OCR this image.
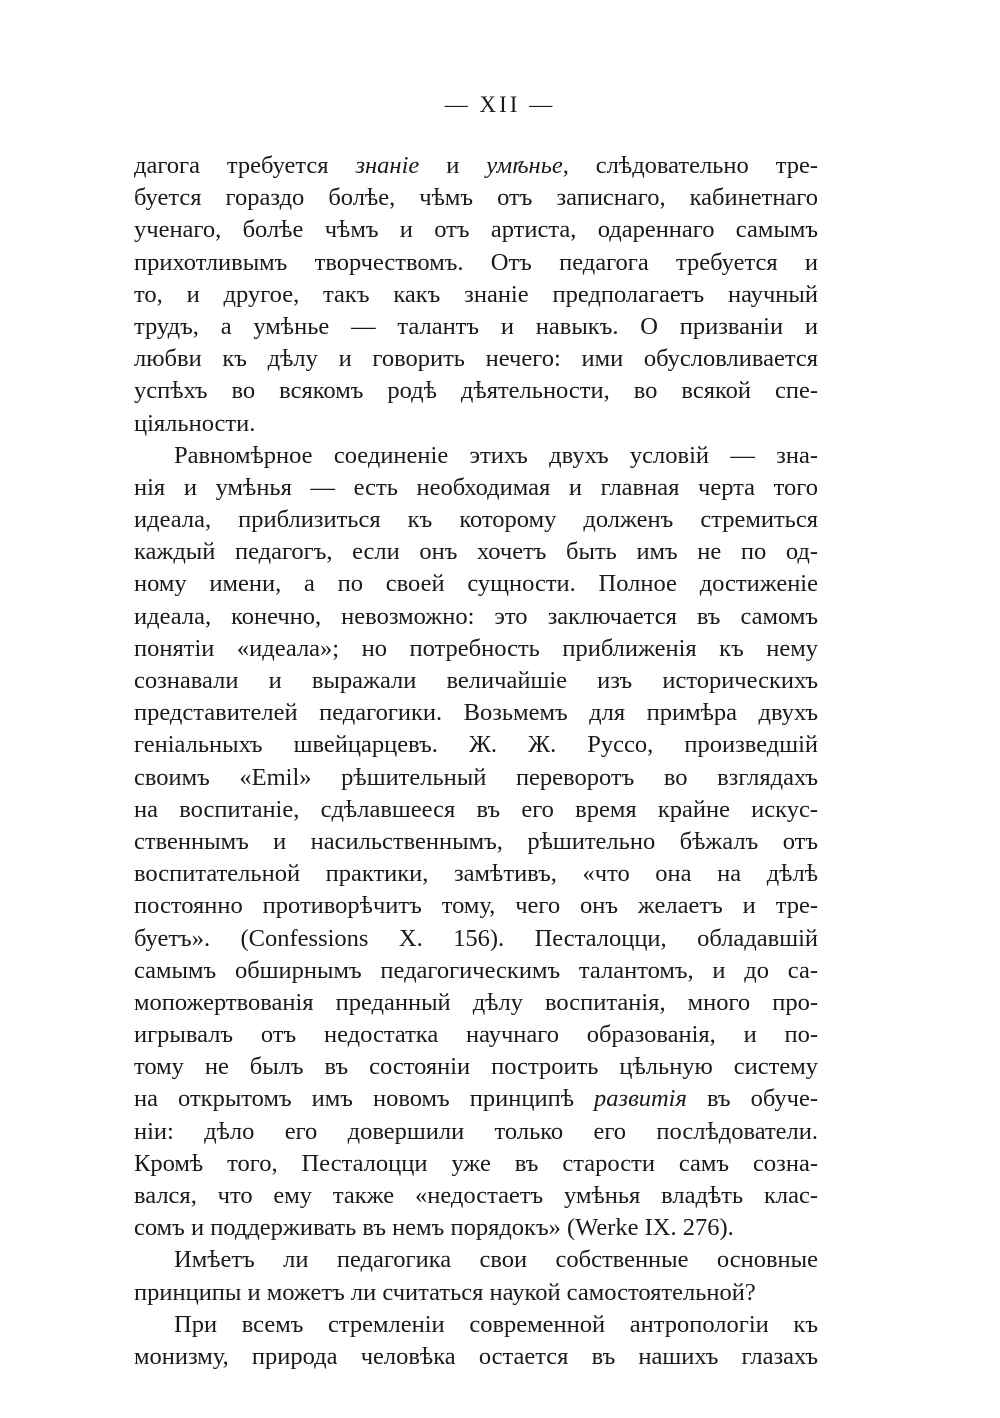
— XII —
дагога требуется знаніе и умѣнье, слѣдовательно тре-
буется гораздо болѣе, чѣмъ отъ записнаго, кабинетнаго
ученаго, болѣе чѣмъ и отъ артиста, одареннаго самымъ
прихотливымъ творчествомъ. Отъ педагога требуется и
то, и другое, такъ какъ знаніе предполагаетъ научный
трудъ, а умѣнье — талантъ и навыкъ. О призваніи и
любви къ дѣлу и говорить нечего: ими обусловливается
успѣхъ во всякомъ родѣ дѣятельности, во всякой спе-
ціяльности.
Равномѣрное соединеніе этихъ двухъ условій — зна-
нія и умѣнья — есть необходимая и главная черта того
идеала, приблизиться къ которому долженъ стремиться
каждый педагогъ, если онъ хочетъ быть имъ не по од-
ному имени, а по своей сущности. Полное достиженіе
идеала, конечно, невозможно: это заключается въ самомъ
понятіи «идеала»; но потребность приближенія къ нему
сознавали и выражали величайшіе изъ историческихъ
представителей педагогики. Возьмемъ для примѣра двухъ
геніальныхъ швейцарцевъ. Ж. Ж. Руссо, произведшій
своимъ «Emil» рѣшительный переворотъ во взглядахъ
на воспитаніе, сдѣлавшееся въ его время крайне искус-
ственнымъ и насильственнымъ, рѣшительно бѣжалъ отъ
воспитательной практики, замѣтивъ, «что она на дѣлѣ
постоянно противорѣчитъ тому, чего онъ желаетъ и тре-
буетъ». (Confessions X. 156). Песталоцци, обладавшій
самымъ обширнымъ педагогическимъ талантомъ, и до са-
мопожертвованія преданный дѣлу воспитанія, много про-
игрывалъ отъ недостатка научнаго образованія, и по-
тому не былъ въ состояніи построить цѣльную систему
на открытомъ имъ новомъ принципѣ развитія въ обуче-
ніи: дѣло его довершили только его послѣдователи.
Кромѣ того, Песталоцци уже въ старости самъ созна-
вался, что ему также «недостаетъ умѣнья владѣть клас-
сомъ и поддерживать въ немъ порядокъ» (Werke IX. 276).
Имѣетъ ли педагогика свои собственные основные
принципы и можетъ ли считаться наукой самостоятельной?
При всемъ стремленіи современной антропологіи къ
монизму, природа человѣка остается въ нашихъ глазахъ
